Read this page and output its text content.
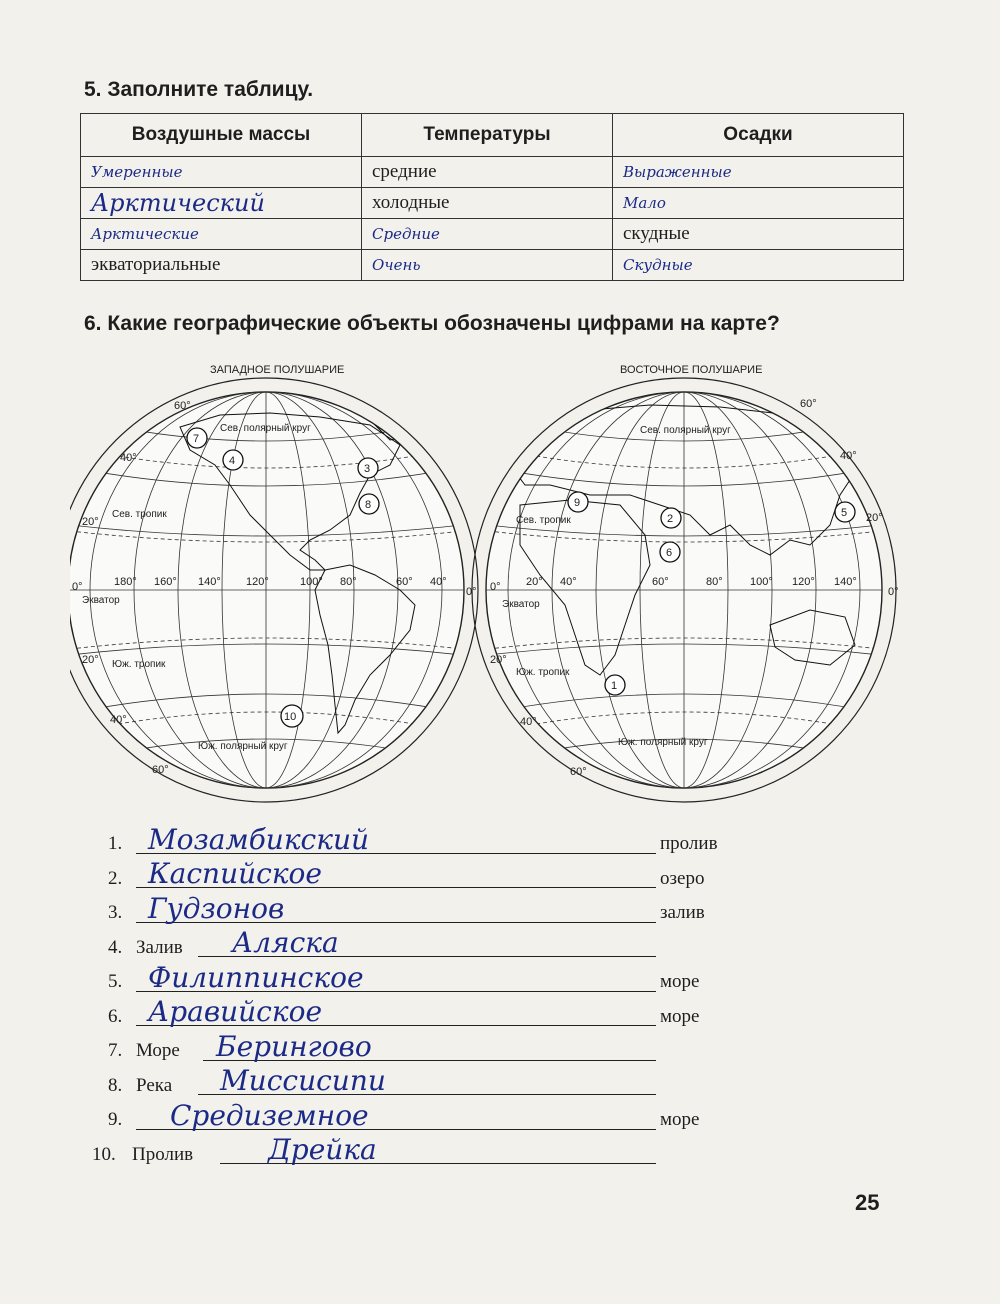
5. Заполните таблицу.
Воздушные массы	Температуры	Осадки
Умеренные	средние	Выраженные
Арктический	холодные	Мало
Арктические	Средние	скудные
экваториальные	Очень	Скудные
6. Какие географические объекты обозначены цифрами на карте?
ЗАПАДНОЕ ПОЛУШАРИЕ
Сев. полярный круг
Сев. тропик
Экватор
Юж. тропик
Юж. полярный круг
180° 160° 140° 120°	100° 80°	60° 40°
0°	0°
60°
40°
20°
20°
40°
60°
ВОСТОЧНОЕ ПОЛУШАРИЕ
Сев. полярный круг
Сев. тропик
Экватор
Юж. тропик
Юж. полярный круг
20° 40°	60°	80° 100° 120° 140°
0°	0°
60°
40°
20°
20°
40°
60°
1
2
3
4
5
6
7
8	9
10
1. Мозамбикский	пролив
2. Каспийское	озеро
3. Гудзонов	залив
4. Залив Аляска
5. Филиппинское	море
6. Аравийское	море
7. Море Берингово
8. Река Миссисипи
9. Средиземное	море
10. Пролив	Дрейка
25
